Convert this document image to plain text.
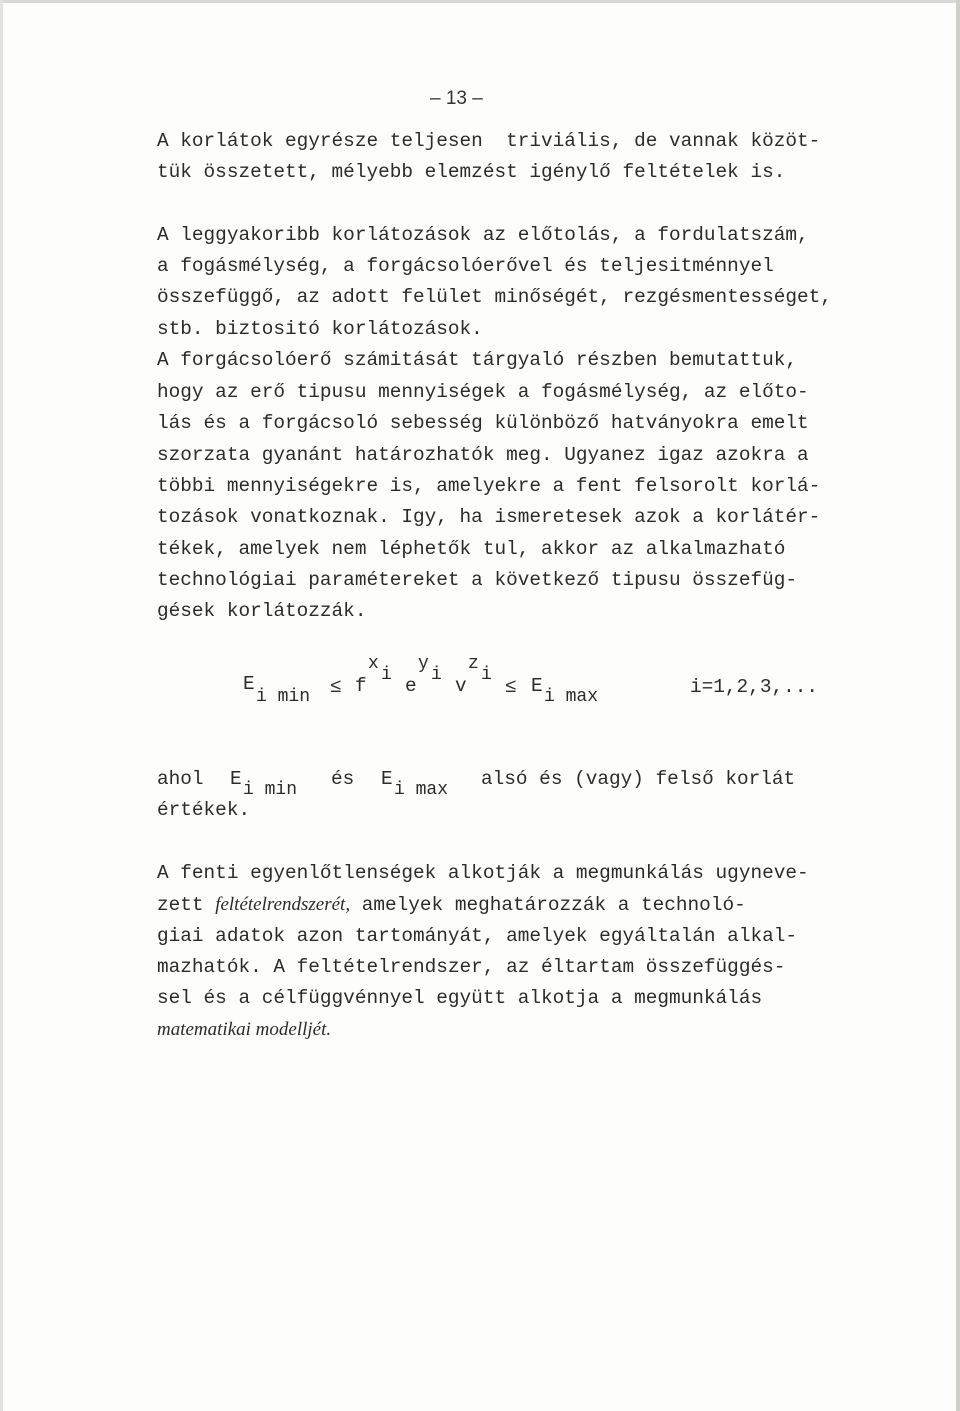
– 13 –
A korlátok egyrésze teljesen  triviális, de vannak közöt-
tük összetett, mélyebb elemzést igénylő feltételek is.
A leggyakoribb korlátozások az előtolás, a fordulatszám,
a fogásmélység, a forgácsolóerővel és teljesitménnyel
összefüggő, az adott felület minőségét, rezgésmentességet,
stb. biztositó korlátozások.
A forgácsolóerő számitását tárgyaló részben bemutattuk,
hogy az erő tipusu mennyiségek a fogásmélység, az előto-
lás és a forgácsoló sebesség különböző hatványokra emelt
szorzata gyanánt határozhatók meg. Ugyanez igaz azokra a
többi mennyiségekre is, amelyekre a fent felsorolt korlá-
tozások vonatkoznak. Igy, ha ismeretesek azok a korlátér-
tékek, amelyek nem léphetők tul, akkor az alkalmazható
technológiai paramétereket a következő tipusu összefüg-
gések korlátozzák.
E
i min ≤ f
x
i e
y
i v
z
i
≤ E i max	i=1,2,3,...
ahol E i min és E i max alsó és (vagy) felső korlát
értékek.
A fenti egyenlőtlenségek alkotják a megmunkálás ugyneve-
zett feltételrendszerét, amelyek meghatározzák a technoló-
giai adatok azon tartományát, amelyek egyáltalán alkal-
mazhatók. A feltételrendszer, az éltartam összefüggés-
sel és a célfüggvénnyel együtt alkotja a megmunkálás
matematikai modelljét.
